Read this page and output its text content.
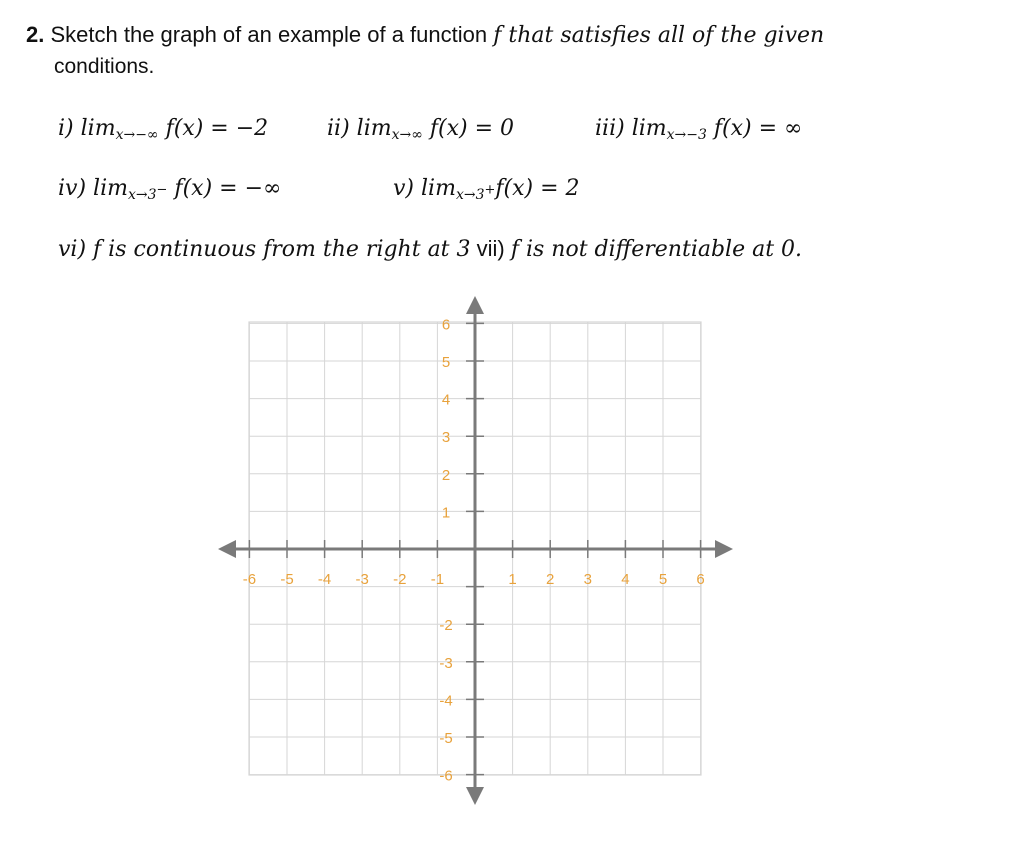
2. Sketch the graph of an example of a function f that satisfies all of the given
conditions.
i) $\lim_{x\to-\infty} f(x) = -2$	ii) $\lim_{x\to\infty} f(x) = 0$	iii) $\lim_{x\to-3} f(x)$ = ∞
iv) $\lim_{x\to 3^-} f(x)$ = −∞	v) $\lim_{x\to 3^+}f(x) = 2$
vi) f is continuous from the right at 3 vii) f is not differentiable at 0.
-6 -5 -4 -3 -2 -1	1 2 3 4 5 6
6
5
4
3
2
1
-2
-3
-4
-5
-6
